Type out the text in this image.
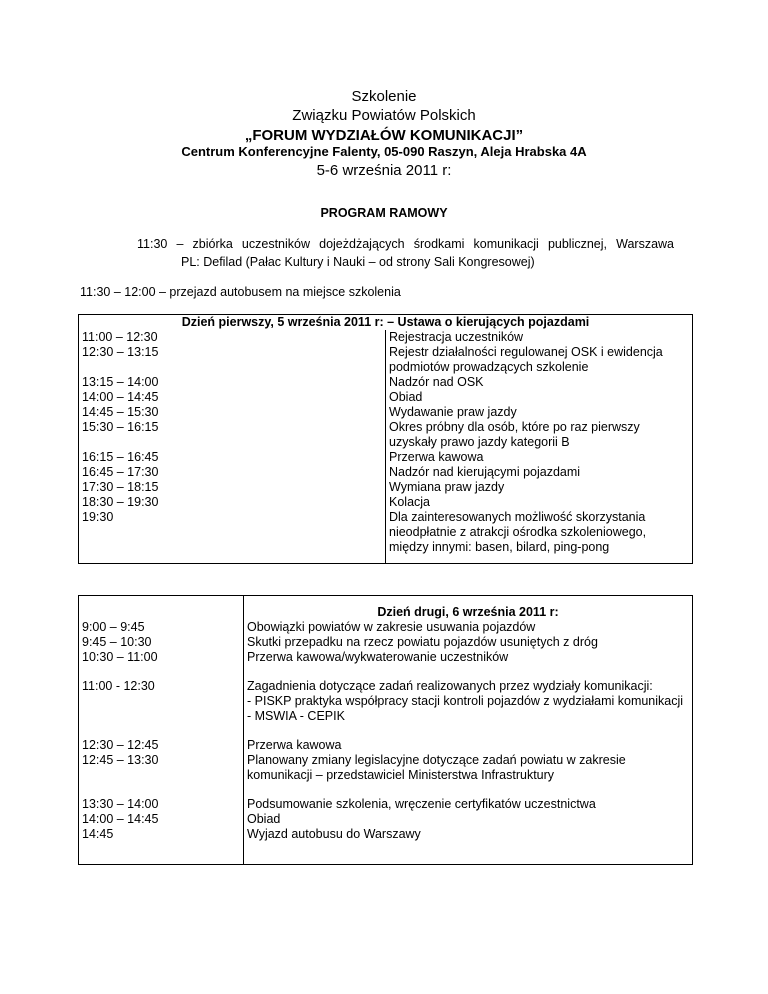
Szkolenie
Związku Powiatów Polskich
„FORUM WYDZIAŁÓW KOMUNIKACJI”
Centrum Konferencyjne Falenty, 05-090 Raszyn, Aleja Hrabska 4A
5-6 września 2011 r:
PROGRAM RAMOWY
11:30 – zbiórka uczestników dojeżdżających środkami komunikacji publicznej, Warszawa
PL: Defilad (Pałac Kultury i Nauki – od strony Sali Kongresowej)
11:30 – 12:00 – przejazd autobusem na miejsce szkolenia
Dzień pierwszy, 5 września 2011 r: – Ustawa o kierujących pojazdami	
11:00 – 12:30	Rejestracja uczestników
12:30 – 13:15	Rejestr działalności regulowanej OSK i ewidencja podmiotów prowadzących szkolenie
13:15 – 14:00	Nadzór nad OSK
14:00 – 14:45	Obiad
14:45 – 15:30	Wydawanie praw jazdy
15:30 – 16:15	Okres próbny dla osób, które po raz pierwszy uzyskały prawo jazdy kategorii B
16:15 – 16:45	Przerwa kawowa
16:45 – 17:30	Nadzór nad kierującymi pojazdami
17:30 – 18:15	Wymiana praw jazdy
18:30 – 19:30	Kolacja
19:30	Dla zainteresowanych możliwość skorzystania nieodpłatnie z atrakcji ośrodka szkoleniowego, między innymi: basen, bilard, ping-pong

	Dzień drugi, 6 września 2011 r:
9:00 – 9:45	Obowiązki powiatów w zakresie usuwania pojazdów
9:45 – 10:30	Skutki przepadku na rzecz powiatu pojazdów usuniętych z dróg
10:30 – 11:00	Przerwa kawowa/wykwaterowanie uczestników

11:00 - 12:30	Zagadnienia dotyczące zadań realizowanych przez wydziały komunikacji:
- PISKP praktyka współpracy stacji kontroli pojazdów z wydziałami komunikacji
- MSWIA - CEPIK

12:30 – 12:45	Przerwa kawowa
12:45 – 13:30	Planowany zmiany legislacyjne dotyczące zadań powiatu w zakresie komunikacji – przedstawiciel Ministerstwa Infrastruktury

13:30 – 14:00	Podsumowanie szkolenia, wręczenie certyfikatów uczestnictwa
14:00 – 14:45	Obiad
14:45	Wyjazd autobusu do Warszawy
